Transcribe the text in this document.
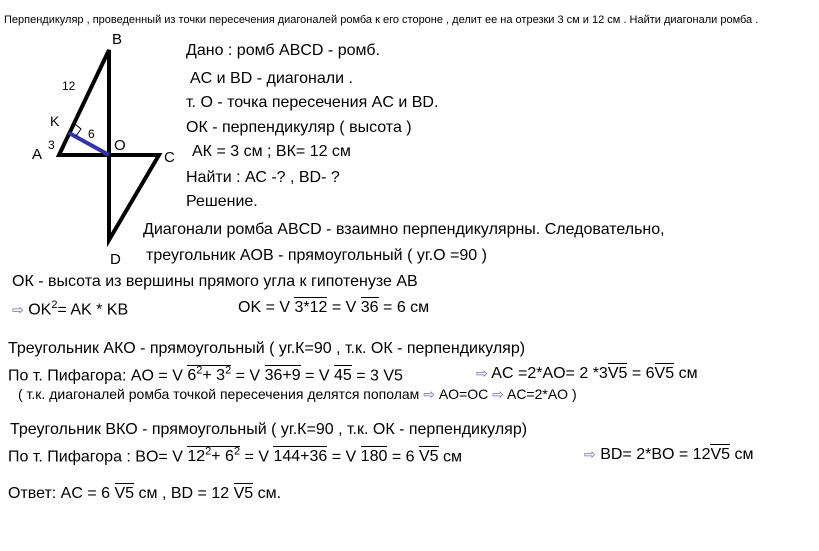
Перпендикуляр , проведенный из точки пересечения диагоналей ромба к его стороне , делит ее на отрезки 3 см и 12 см . Найти диагонали ромба .
B
A	C
D
O
K
12
3
6
Дано : ромб ABCD - ромб.
AC и BD - диагонали .
т. О - точка пересечения AC и BD.
ОК - перпендикуляр ( высота )
АК = 3 см ; ВК= 12 см
Найти : АС -? , BD- ?
Решение.
Диагонали ромба ABCD - взаимно перпендикулярны. Следовательно,
треугольник AOB - прямоугольный ( уг.О =90 )
ОК - высота из вершины прямого угла к гипотенузе АВ
⇨ $OK^2=$ AK * KB	OK = V 3*12 = V 36 = 6 см
Треугольник АКО - прямоугольный ( уг.К=90 , т.к. ОК - перпендикуляр)
По т. Пифагора: AO = V $6^2+ 3^2 = V$ 36+9 = V 45 = 3 V5	⇨ AC =2*AO= 2 *3V5 = 6V5 см
( т.к. диагоналей ромба точкой пересечения делятся пополам ⇨ AO=OC ⇨ AC=2*AO )
Треугольник ВКО - прямоугольный ( уг.К=90 , т.к. ОК - перпендикуляр)
По т. Пифагора : BO= V $12^2+ 6^2 = V$ 144+36 = V 180 = 6 V5 см	⇨ BD= 2*BO = 12V5 см
Ответ: AC = 6 V5 см , BD = 12 V5 см.
